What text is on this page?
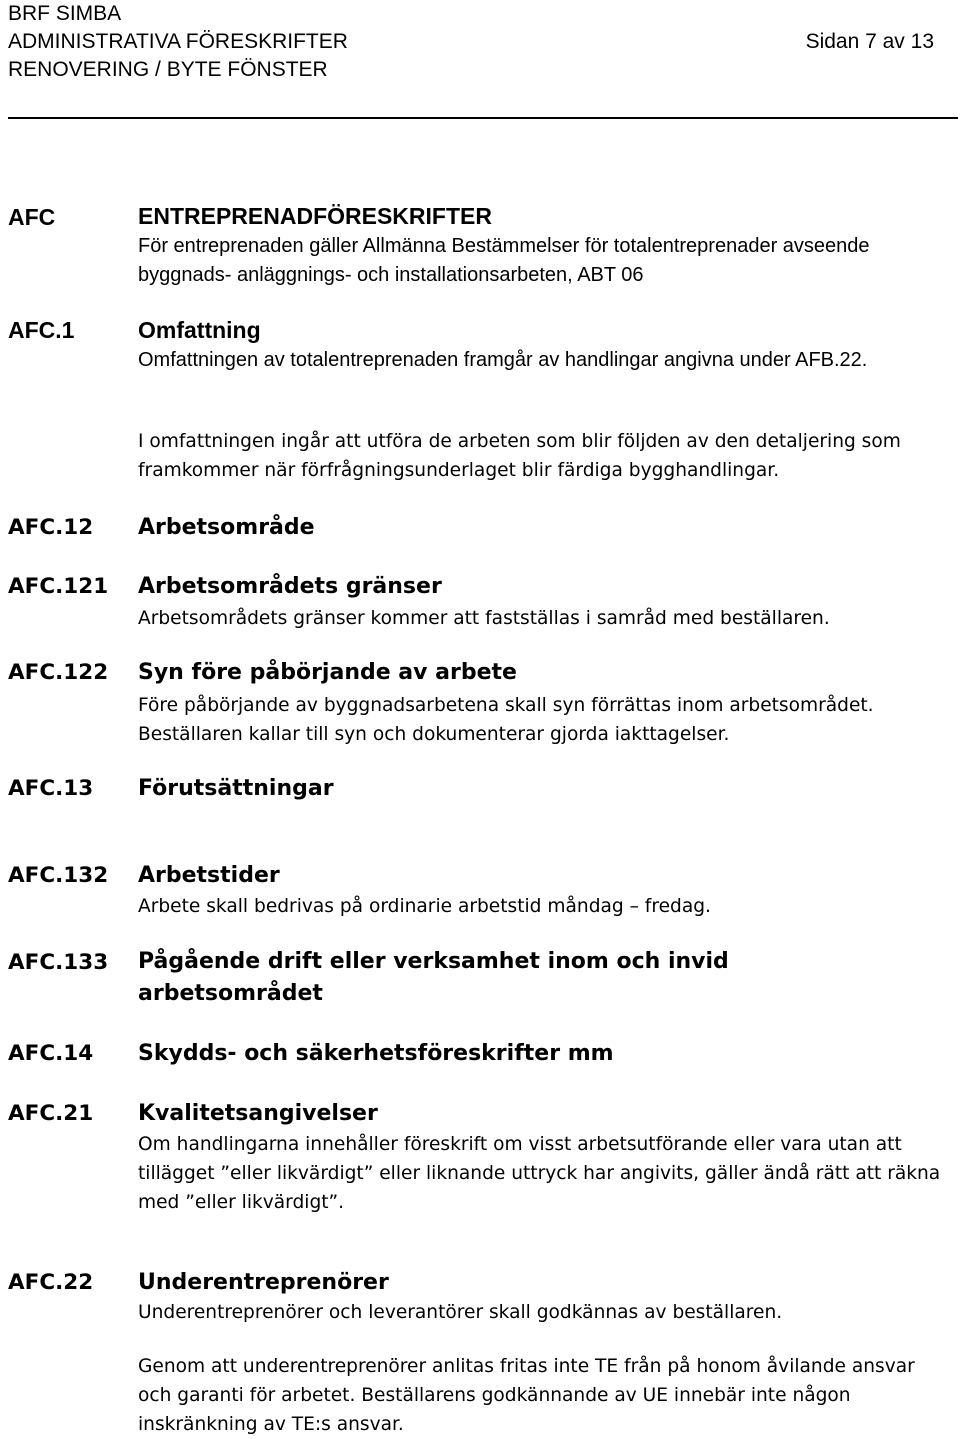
BRF SIMBA
ADMINISTRATIVA FÖRESKRIFTER
RENOVERING / BYTE FÖNSTER
Sidan 7 av 13
AFC	ENTREPRENADFÖRESKRIFTER
För entreprenaden gäller Allmänna Bestämmelser för totalentreprenader avseende byggnads- anläggnings- och installationsarbeten, ABT 06
AFC.1	Omfattning
Omfattningen av totalentreprenaden framgår av handlingar angivna under AFB.22.
I omfattningen ingår att utföra de arbeten som blir följden av den detaljering som framkommer när förfrågningsunderlaget blir färdiga bygghandlingar.
AFC.12 Arbetsområde
AFC.121 Arbetsområdets gränser
Arbetsområdets gränser kommer att fastställas i samråd med beställaren.
AFC.122 Syn före påbörjande av arbete
Före påbörjande av byggnadsarbetena skall syn förrättas inom arbetsområdet. Beställaren kallar till syn och dokumenterar gjorda iakttagelser.
AFC.13 Förutsättningar
AFC.132 Arbetstider
Arbete skall bedrivas på ordinarie arbetstid måndag – fredag.
AFC.133 Pågående drift eller verksamhet inom och invid arbetsområdet
AFC.14 Skydds- och säkerhetsföreskrifter mm
AFC.21 Kvalitetsangivelser
Om handlingarna innehåller föreskrift om visst arbetsutförande eller vara utan att tillägget ”eller likvärdigt” eller liknande uttryck har angivits, gäller ändå rätt att räkna med ”eller likvärdigt”.
AFC.22 Underentreprenörer
Underentreprenörer och leverantörer skall godkännas av beställaren.
Genom att underentreprenörer anlitas fritas inte TE från på honom åvilande ansvar och garanti för arbetet. Beställarens godkännande av UE innebär inte någon inskränkning av TE:s ansvar.
